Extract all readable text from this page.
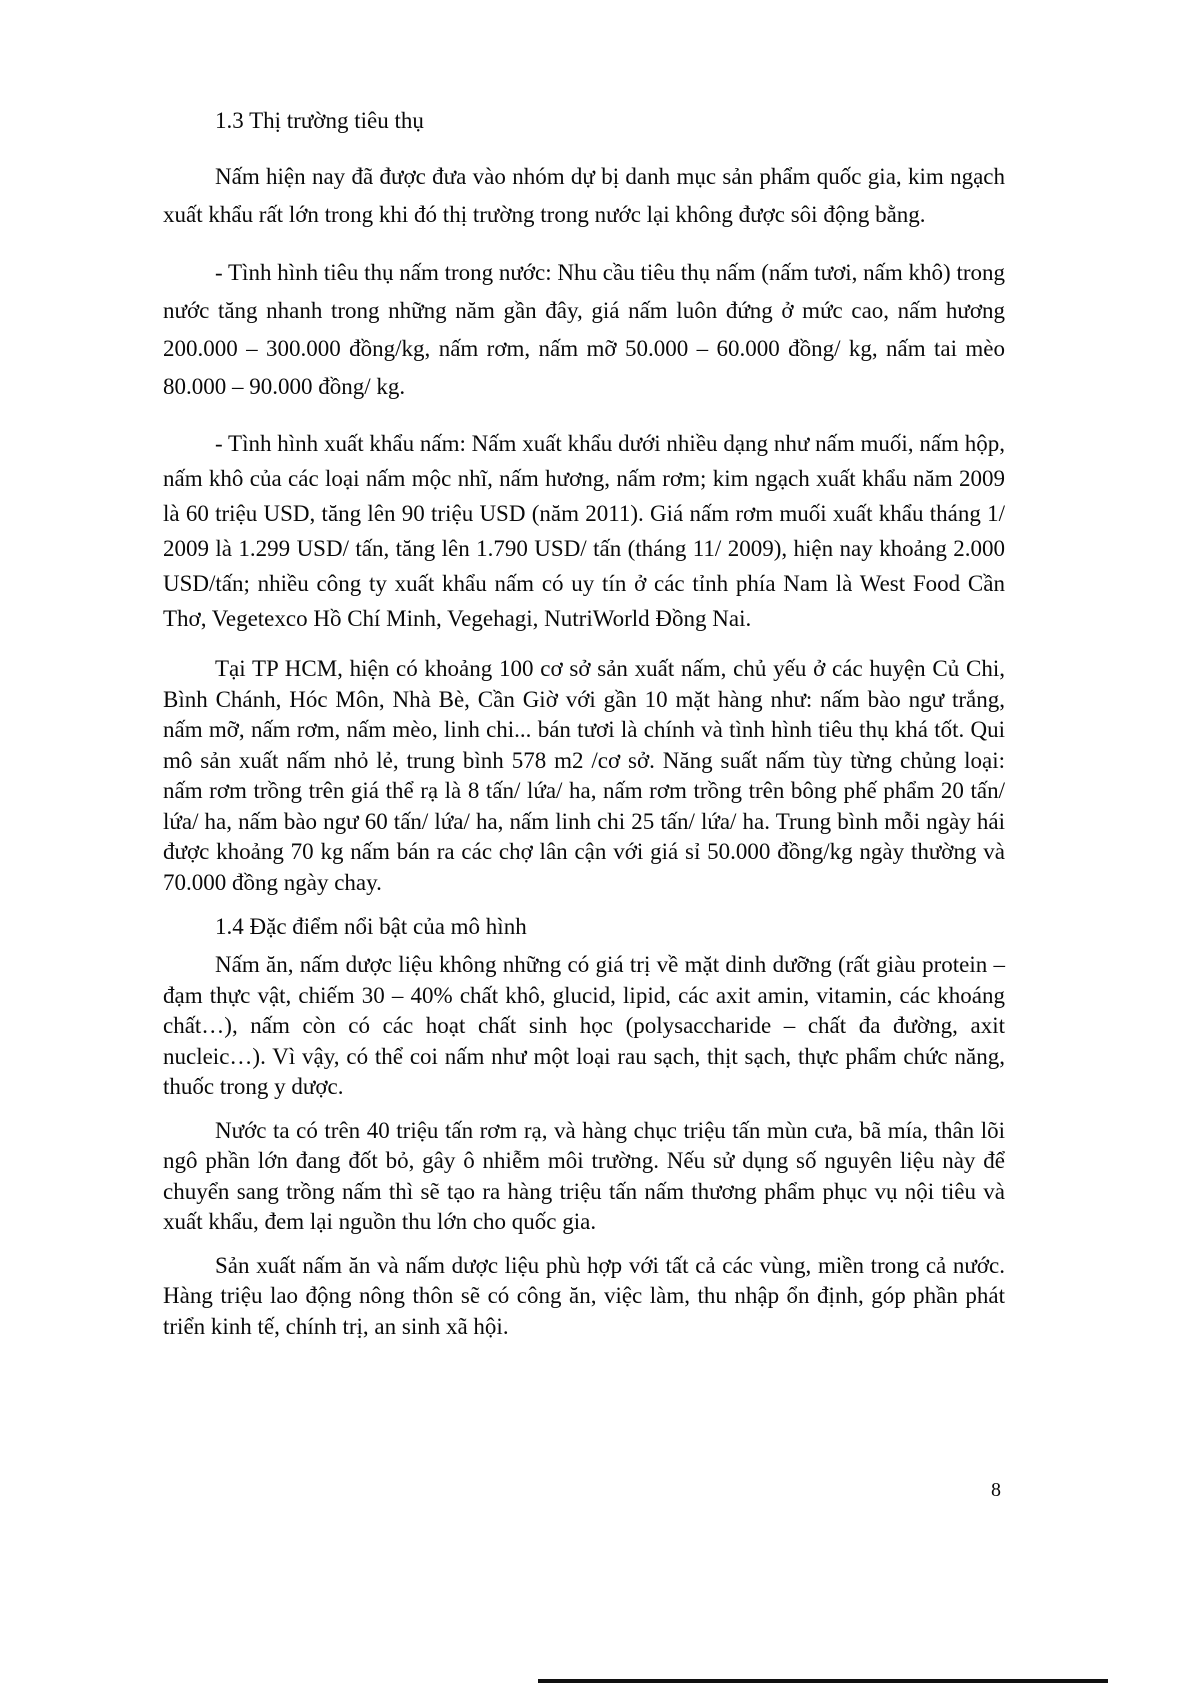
1.3 Thị trường tiêu thụ

Nấm hiện nay đã được đưa vào nhóm dự bị danh mục sản phẩm quốc gia, kim ngạch xuất khẩu rất lớn trong khi đó thị trường trong nước lại không được sôi động bằng.

- Tình hình tiêu thụ nấm trong nước: Nhu cầu tiêu thụ nấm (nấm tươi, nấm khô) trong nước tăng nhanh trong những năm gần đây, giá nấm luôn đứng ở mức cao, nấm hương 200.000 – 300.000 đồng/kg, nấm rơm, nấm mỡ 50.000 – 60.000 đồng/ kg, nấm tai mèo 80.000 – 90.000 đồng/ kg.

- Tình hình xuất khẩu nấm: Nấm xuất khẩu dưới nhiều dạng như nấm muối, nấm hộp, nấm khô của các loại nấm mộc nhĩ, nấm hương, nấm rơm; kim ngạch xuất khẩu năm 2009 là 60 triệu USD, tăng lên 90 triệu USD (năm 2011). Giá nấm rơm muối xuất khẩu tháng 1/ 2009 là 1.299 USD/ tấn, tăng lên 1.790 USD/ tấn (tháng 11/ 2009), hiện nay khoảng 2.000 USD/tấn; nhiều công ty xuất khẩu nấm có uy tín ở các tỉnh phía Nam là West Food Cần Thơ, Vegetexco Hồ Chí Minh, Vegehagi, NutriWorld Đồng Nai.

Tại TP HCM, hiện có khoảng 100 cơ sở sản xuất nấm, chủ yếu ở các huyện Củ Chi, Bình Chánh, Hóc Môn, Nhà Bè, Cần Giờ với gần 10 mặt hàng như: nấm bào ngư trắng, nấm mỡ, nấm rơm, nấm mèo, linh chi... bán tươi là chính và tình hình tiêu thụ khá tốt. Qui mô sản xuất nấm nhỏ lẻ, trung bình 578 m2 /cơ sở. Năng suất nấm tùy từng chủng loại: nấm rơm trồng trên giá thể rạ là 8 tấn/ lứa/ ha, nấm rơm trồng trên bông phế phẩm 20 tấn/ lứa/ ha, nấm bào ngư 60 tấn/ lứa/ ha, nấm linh chi 25 tấn/ lứa/ ha. Trung bình mỗi ngày hái được khoảng 70 kg nấm bán ra các chợ lân cận với giá sỉ 50.000 đồng/kg ngày thường và 70.000 đồng ngày chay.

1.4 Đặc điểm nổi bật của mô hình

Nấm ăn, nấm dược liệu không những có giá trị về mặt dinh dưỡng (rất giàu protein – đạm thực vật, chiếm 30 – 40% chất khô, glucid, lipid, các axit amin, vitamin, các khoáng chất…), nấm còn có các hoạt chất sinh học (polysaccharide – chất đa đường, axit nucleic…). Vì vậy, có thể coi nấm như một loại rau sạch, thịt sạch, thực phẩm chức năng, thuốc trong y dược.

Nước ta có trên 40 triệu tấn rơm rạ, và hàng chục triệu tấn mùn cưa, bã mía, thân lõi ngô phần lớn đang đốt bỏ, gây ô nhiễm môi trường. Nếu sử dụng số nguyên liệu này để chuyển sang trồng nấm thì sẽ tạo ra hàng triệu tấn nấm thương phẩm phục vụ nội tiêu và xuất khẩu, đem lại nguồn thu lớn cho quốc gia.

Sản xuất nấm ăn và nấm dược liệu phù hợp với tất cả các vùng, miền trong cả nước. Hàng triệu lao động nông thôn sẽ có công ăn, việc làm, thu nhập ổn định, góp phần phát triển kinh tế, chính trị, an sinh xã hội.

8
